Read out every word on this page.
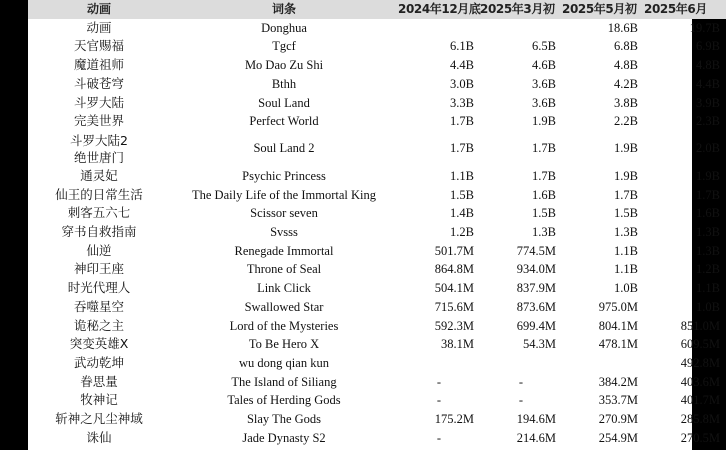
动画	词条	2024年12月底	2025年3月初	2025年5月初	2025年6月
动画	Donghua			18.6B	19.7B
天官赐福	Tgcf	6.1B	6.5B	6.8B	6.9B
魔道祖师	Mo Dao Zu Shi	4.4B	4.6B	4.8B	4.8B
斗破苍穹	Bthh	3.0B	3.6B	4.2B	4.4B
斗罗大陆	Soul Land	3.3B	3.6B	3.8B	3.9B
完美世界	Perfect World	1.7B	1.9B	2.2B	2.3B
斗罗大陆2
绝世唐门	Soul Land 2	1.7B	1.7B	1.9B	2.0B
通灵妃	Psychic Princess	1.1B	1.7B	1.9B	1.9B
仙王的日常生活	The Daily Life of the Immortal King	1.5B	1.6B	1.7B	1.7B
刺客五六七	Scissor seven	1.4B	1.5B	1.5B	1.6B
穿书自救指南	Svsss	1.2B	1.3B	1.3B	1.3B
仙逆	Renegade Immortal	501.7M	774.5M	1.1B	1.3B
神印王座	Throne of Seal	864.8M	934.0M	1.1B	1.2B
时光代理人	Link Click	504.1M	837.9M	1.0B	1.1B
吞噬星空	Swallowed Star	715.6M	873.6M	975.0M	1.0B
诡秘之主	Lord of the Mysteries	592.3M	699.4M	804.1M	851.0M
突变英雄X	To Be Hero X	38.1M	54.3M	478.1M	609.5M
武动乾坤	wu dong qian kun				492.8M
眷思量	The Island of Siliang	-	-	384.2M	403.6M
牧神记	Tales of Herding Gods	-	-	353.7M	401.7M
斩神之凡尘神域	Slay The Gods	175.2M	194.6M	270.9M	285.8M
诛仙	Jade Dynasty S2	-	214.6M	254.9M	270.5M
